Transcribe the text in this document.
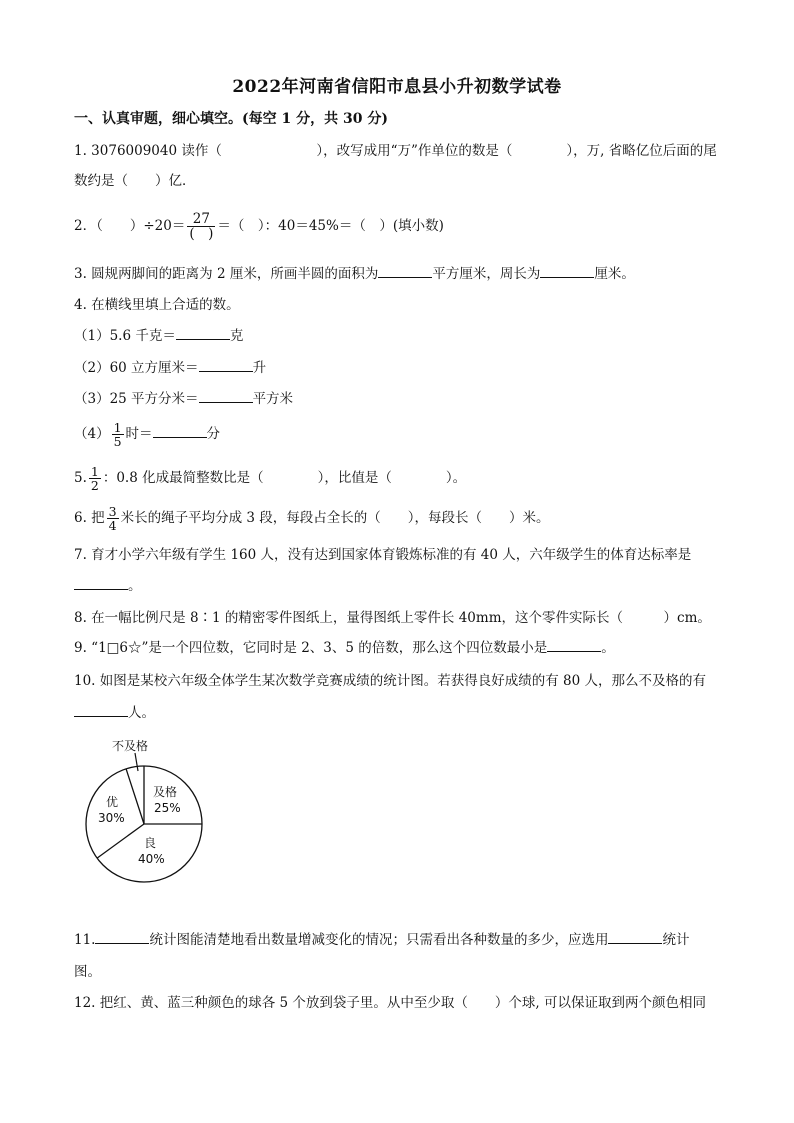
2022年河南省信阳市息县小升初数学试卷
一、认真审题，细心填空。(每空 1 分，共 30 分)
1. 3076009040 读作（　　　　　　　），改写成用“万”作单位的数是（　　　　），万, 省略亿位后面的尾
数约是（　　）亿．
2．（　　）$\div 20= \frac{27}{( )}$ ＝（　）：40＝45%＝（　）(填小数)
3. 圆规两脚间的距离为 2 厘米，所画半圆的面积为	平方厘米，周长为	厘米。
4. 在横线里填上合适的数。
（1）5.6 千克＝	克
（2）60 立方厘米＝	升
（3）25 平方分米＝	平方米
$(4) \frac{1}{5}$ 时＝	分
5. $\frac{1}{2}$ ：0.8 化成最简整数比是（　　　　），比值是（　　　　）。
6. 把 $\frac{3}{4}$ 米长的绳子平均分成 3 段，每段占全长的（　　），每段长（　　）米。
7. 育才小学六年级有学生 160 人，没有达到国家体育锻炼标准的有 40 人，六年级学生的体育达标率是
。
8. 在一幅比例尺是 8∶1 的精密零件图纸上，量得图纸上零件长 40mm，这个零件实际长（　　　）cm。
9. “1□6☆”是一个四位数，它同时是 2、3、5 的倍数，那么这个四位数最小是	。
10. 如图是某校六年级全体学生某次数学竞赛成绩的统计图。若获得良好成绩的有 80 人，那么不及格的有
人。
不及格
及格
25%
优
30%
良
40%
11.	统计图能清楚地看出数量增减变化的情况；只需看出各种数量的多少，应选用	统计
图。
12. 把红、黄、蓝三种颜色的球各 5 个放到袋子里。从中至少取（　　）个球, 可以保证取到两个颜色相同
